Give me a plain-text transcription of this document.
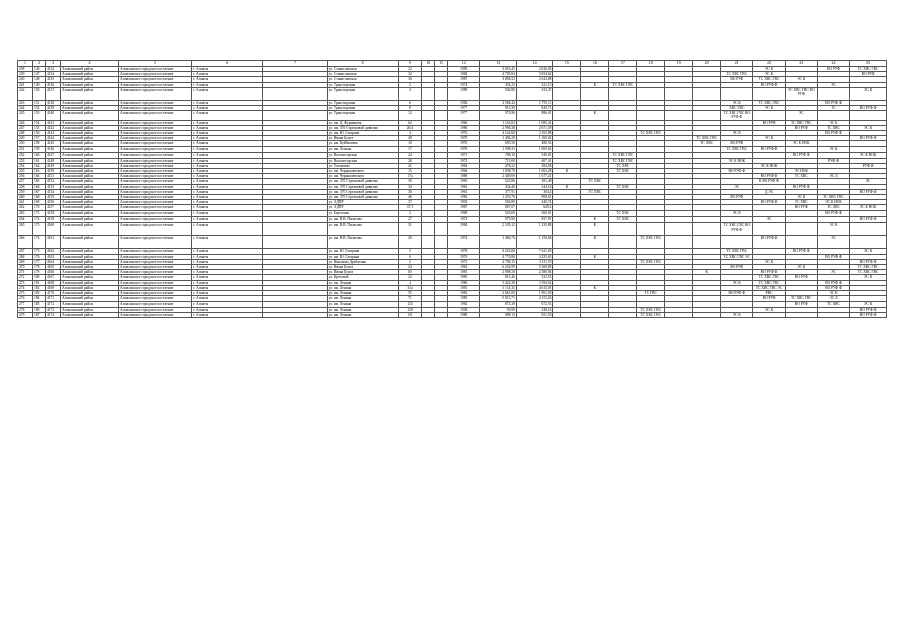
1	2	3	4	5	6	7	8	9	10	11	12	13	14	15	16	17	18	19	20	21	22	23	24	25
238	146	4132	Алмалинский район	Алмалинское городское поселение	г. Алматы		ул. Станиславская	22			1983	3 653,45	2 626,05								ЭС К		ВО РУФ	ТС ХВС ГВС
239	147	4134	Алмалинский район	Алмалинское городское поселение	г. Алматы		ул. Станиславская	32			1984	4 795,84	3 054,62							ТС ХВС ГВС	ЭС К			ВО РУФ
240	148	4135	Алмалинский район	Алмалинское городское поселение	г. Алматы		ул. Станиславская	36			1987	3 894,52	2 643,08							ВО РУФ	ТС ХВС ГВС	ЭС К		
241	149	4136	Алмалинский район	Алмалинское городское поселение	г. Алматы		ул. Транспортная	2			1974	434,23	321,15		К	ТС ХВС ГВС					ВО РУФ Ф		ЭС	
242	150	4137	Алмалинский район	Алмалинское городское поселение	г. Алматы		ул. Транспортная	4			1989	502,80	333,47									ТС ХВС ГВС ВО РУФ		ЭС К
243	151	4138	Алмалинский район	Алмалинское городское поселение	г. Алматы		ул. Транспортная	6			1982	2 584,42	1 755,11							ЭС К	ТС ХВС ГВС		ВО РУФ Ф	
244	152	4139	Алмалинский район	Алмалинское городское поселение	г. Алматы		ул. Транспортная	8			1977	915,30	829,71							ХВС ГВС	ЭС К		ТС	ВО РУФ Ф
245	153	4140	Алмалинский район	Алмалинское городское поселение	г. Алматы		ул. Транспортная	12			1977	974,96	886,01		К					ТС ХВС ГВС ВО РУФ Ф		ЭС		
246	154	4141	Алмалинский район	Алмалинское городское поселение	г. Алматы		ул. им. Д. Фурманова	62			1966	1 143,82	1 085,41								ВО РУФ	ТС ХВС ГВС	ЭС К	
247	155	4142	Алмалинский район	Алмалинское городское поселение	г. Алматы		ул. им. 370 Стрелковой дивизии	26/4			1986	2 996,38	2 671,59									ВО РУФ	ТС ХВС	ЭС К
248	156	4143	Алмалинский район	Алмалинское городское поселение	г. Алматы		ул. им. Ю. Гагарина	4			1976	4 142,60	3 163,08				ТС ХВС ГВС			ЭС К			ВО РУФ Ф	
249	157	4144	Алмалинский район	Алмалинское городское поселение	г. Алматы		ул. Ивана Бунта	48			1979	1 406,20	1 100,02						ТС ХВС ГВС		ЭС К			ВО РУФ Ф
250	158	4145	Алмалинский район	Алмалинское городское поселение	г. Алматы		ул. им. Куйбышева	10			1970	695,50	488,54						ТС ХВС	ВО РУФ		ЭС К НОК		
251	159	4146	Алмалинский район	Алмалинское городское поселение	г. Алматы		ул. им. Ленина	17			1976	1 598,33	1 069,63							ТС ХВС ГВС	ВО РУФ Ф		ЭС К	
252	160	4147	Алмалинский район	Алмалинское городское поселение	г. Алматы		ул. Высокогорская	24			1971	708,10	540,81			ТС ХВС ГВС						ВО РУФ Ф		ЭС К НОК
253	161	4148	Алмалинский район	Алмалинское городское поселение	г. Алматы		ул. Высокогорская	26			1972	715,00	607,41			ТС ХВС ГВС				ЭС К НОК			РУФ Ф	
254	162	4149	Алмалинский район	Алмалинское городское поселение	г. Алматы		ул. Толмачева	41			1964	478,22	384,58			ТС ХВС					ЭС К НОК			РУФ Ф
255	163	4150	Алмалинский район	Алмалинское городское поселение	г. Алматы		ул. им. Чернышевского	15			1964	1 058,70	1 003,28	К		ТС ХВС				ВО РУФ Ф		ЭС НОК		
256	164	4151	Алмалинский район	Алмалинское городское поселение	г. Алматы		ул. им. Чернышевского	17а			1986	2 449,69	1 677,21								ВО РУФ Ф	ТС ХВС	ЭС Л	
257	165	4152	Алмалинский район	Алмалинское городское поселение	г. Алматы		ул. им. 370 Стрелковой дивизии	30			1965	523,86	381,48		ТС ХВС						К ВО РУФ Ф			ЭС
258	166	4153	Алмалинский район	Алмалинское городское поселение	г. Алматы		ул. им. 370 Стрелковой дивизии	34			1963	434,46	344,16	К		ТС ХВС				ЭС		ВО РУФ Ф		
259	167	4154	Алмалинский район	Алмалинское городское поселение	г. Алматы		ул. им. 370 Стрелковой дивизии	36			1961	377,91	304,4		ТС ХВС						Д ЭС			ВО РУФ Ф
260	168	4155	Алмалинский район	Алмалинское городское поселение	г. Алматы		ул. им. 370 Стрелковой дивизии	46			1982	1 253,76	908,61							ВО РУФ		ЭС К	ТС ХВС ГВС	
261	169	4156	Алмалинский район	Алмалинское городское поселение	г. Алматы		ул. АДПР	37			1993	594,80	440,74								ВО РУФ Ф	ТС ХВС	ЭС К НОК	
262	170	4157	Алмалинский район	Алмалинское городское поселение	г. Алматы		ул. АДПР	37/1			1987	887,07	649,2									ВО РУФ	ТС ХВС	ЭС К НОК
263	171	4158	Алмалинский район	Алмалинское городское поселение	г. Алматы		ул. Береговая	2			1969	543,60	500,01			ТС ХВС				ЭС К			ВО РУФ Ф	
264	172	4159	Алмалинский район	Алмалинское городское поселение	г. Алматы		ул. им. В.В. Пилатова	27			1972	979,90	857,91		К	ТС ХВС					ЭС			ВО РУФ Ф
265	173	4160	Алмалинский район	Алмалинское городское поселение	г. Алматы		ул. им. В.В. Пилатова	31			1984	2 105,12	1 335,88		К					ТС ХВС ГВС ВО РУФ Ф			ЭС К	
266	174	4161	Алмалинский район	Алмалинское городское поселение	г. Алматы		ул. им. В.В. Пилатова	26			1974	1 460,76	1 150,66		К		ТС ХВС ГВС				ВО РУФ Ф		ЭС	
267	175	4162	Алмалинский район	Алмалинское городское поселение	г. Алматы		ул. им. Ю. Гагарина	3			1978	8 223,06	7 621,03							ТС ХВС ГВС		ВО РУФ Ф		ЭС К
268	176	4163	Алмалинский район	Алмалинское городское поселение	г. Алматы		ул. им. Ю. Гагарина	6			1976	4 770,86	4 255,65		К					ТС ХВС ГВС ЭС			ВО РУФ Ф	
269	177	4164	Алмалинский район	Алмалинское городское поселение	г. Алматы		ул. Никонова Дрейленко	2			1973	4 796,15	3 311,70				ТС ХВС ГВС				ЭС К			ВО РУФ Ф
270	178	4165	Алмалинский район	Алмалинское городское поселение	г. Алматы		ул. Ивана Бунта	24			1963	6 254,99	5 568,89							ВО РУФ		ЭС К		ТС ХВС ГВС
271	179	4166	Алмалинский район	Алмалинское городское поселение	г. Алматы		ул. Ивана Бунта	65			1981	2 998,30	2 380,94						К		ВО РУФ Ф		ЭС	ТС ХВС ГВС
272	180	4167	Алмалинский район	Алмалинское городское поселение	г. Алматы		ул. Кретовой	22			1985	815,46	523,53								ТС ХВС ГВС	ВО РУФ		ЭС К
273	181	4168	Алмалинский район	Алмалинское городское поселение	г. Алматы		ул. им. Ленина	4			1986	5 422,38	3 394,54							ЭС К	ТС ХВС ГВС		ВО РУФ Ф	
274	182	4169	Алмалинский район	Алмалинское городское поселение	г. Алматы		ул. им. Ленина	31а			1981	5 131,35	4 015,01		К						ТС ХВС ГВС ЭС		ВО РУФ Ф	
275	183	4170	Алмалинский район	Алмалинское городское поселение	г. Алматы		ул. им. Ленина	55			1982	2 661,00	1 961,50				ТС ГВС			ВО РУФ Ф	РВС		ЭС К	
276	184	4171	Алмалинский район	Алмалинское городское поселение	г. Алматы		ул. им. Ленина	71			1985	5 913,71	4 153,63								ВО РУФ	ТС ХВС ГВС	ЭС Л	
277	185	4172	Алмалинский район	Алмалинское городское поселение	г. Алматы		ул. им. Ленина	123			1982	873,39	672,53									ВО РУФ	ТС ХВС	ЭС К
278	186	4173	Алмалинский район	Алмалинское городское поселение	г. Алматы		ул. им. Ленина	129			1958	59,90	348,16				ТС ХВС ГВС				ЭС К			ВО РУФ Ф
279	187	4174	Алмалинский район	Алмалинское городское поселение	г. Алматы		ул. им. Ленина	131			1980	688,13	651,50				ТС ХВС ГВС			ЭС К				ВО РУФ Ф
